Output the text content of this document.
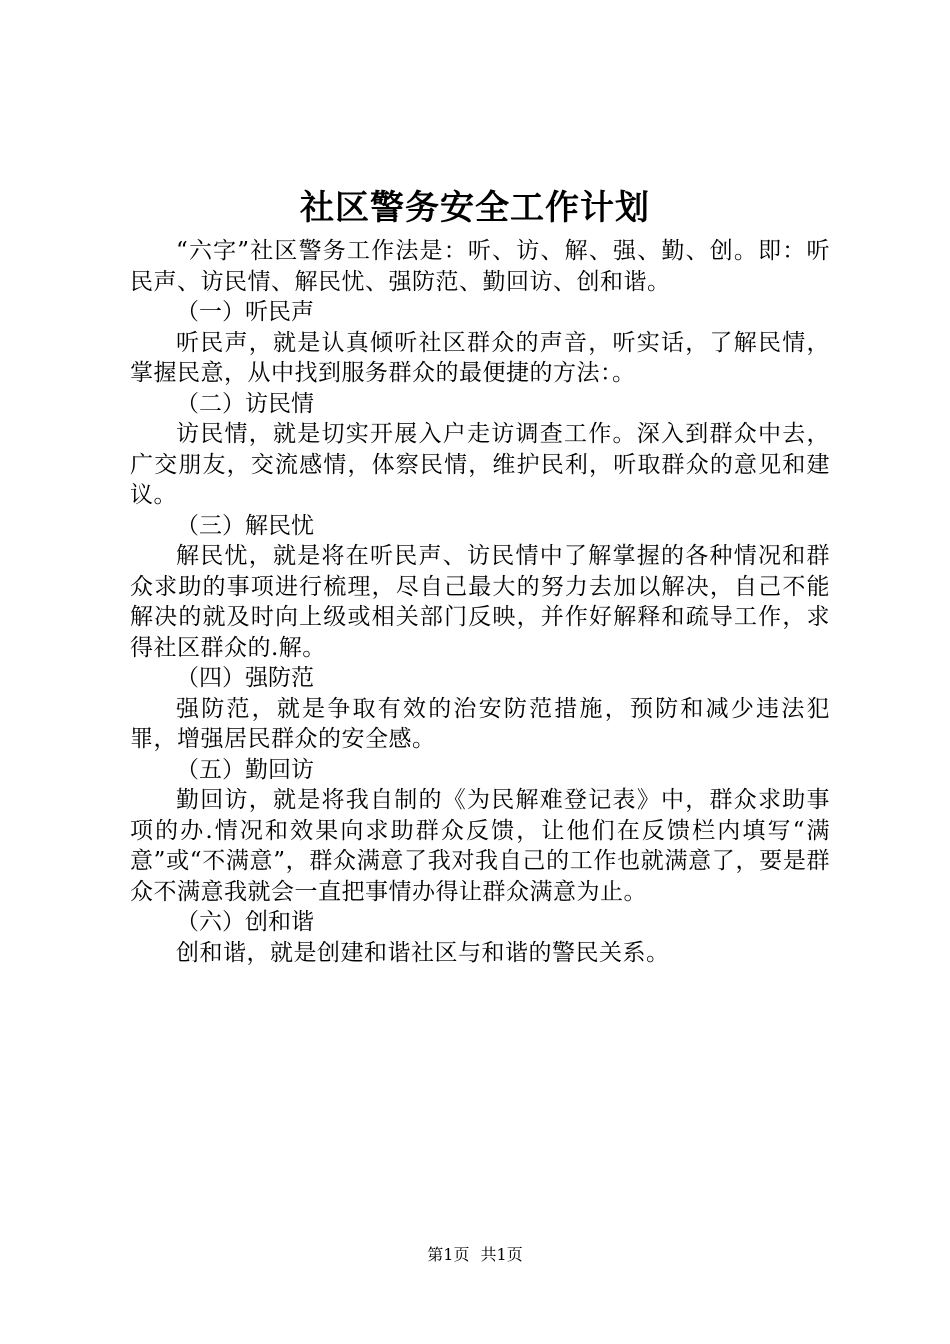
社区警务安全工作计划

“六字”社区警务工作法是：听、访、解、强、勤、创。即：听民声、访民情、解民忧、强防范、勤回访、创和谐。

（一）听民声

听民声，就是认真倾听社区群众的声音，听实话，了解民情，掌握民意，从中找到服务群众的最便捷的方法：。

（二）访民情

访民情，就是切实开展入户走访调查工作。深入到群众中去，广交朋友，交流感情，体察民情，维护民利，听取群众的意见和建议。

（三）解民忧

解民忧，就是将在听民声、访民情中了解掌握的各种情况和群众求助的事项进行梳理，尽自己最大的努力去加以解决，自己不能解决的就及时向上级或相关部门反映，并作好解释和疏导工作，求得社区群众的.解。

（四）强防范

强防范，就是争取有效的治安防范措施，预防和减少违法犯罪，增强居民群众的安全感。

（五）勤回访

勤回访，就是将我自制的《为民解难登记表》中，群众求助事项的办.情况和效果向求助群众反馈，让他们在反馈栏内填写“满意”或“不满意”，群众满意了我对我自己的工作也就满意了，要是群众不满意我就会一直把事情办得让群众满意为止。

（六）创和谐

创和谐，就是创建和谐社区与和谐的警民关系。

第1页 共1页
